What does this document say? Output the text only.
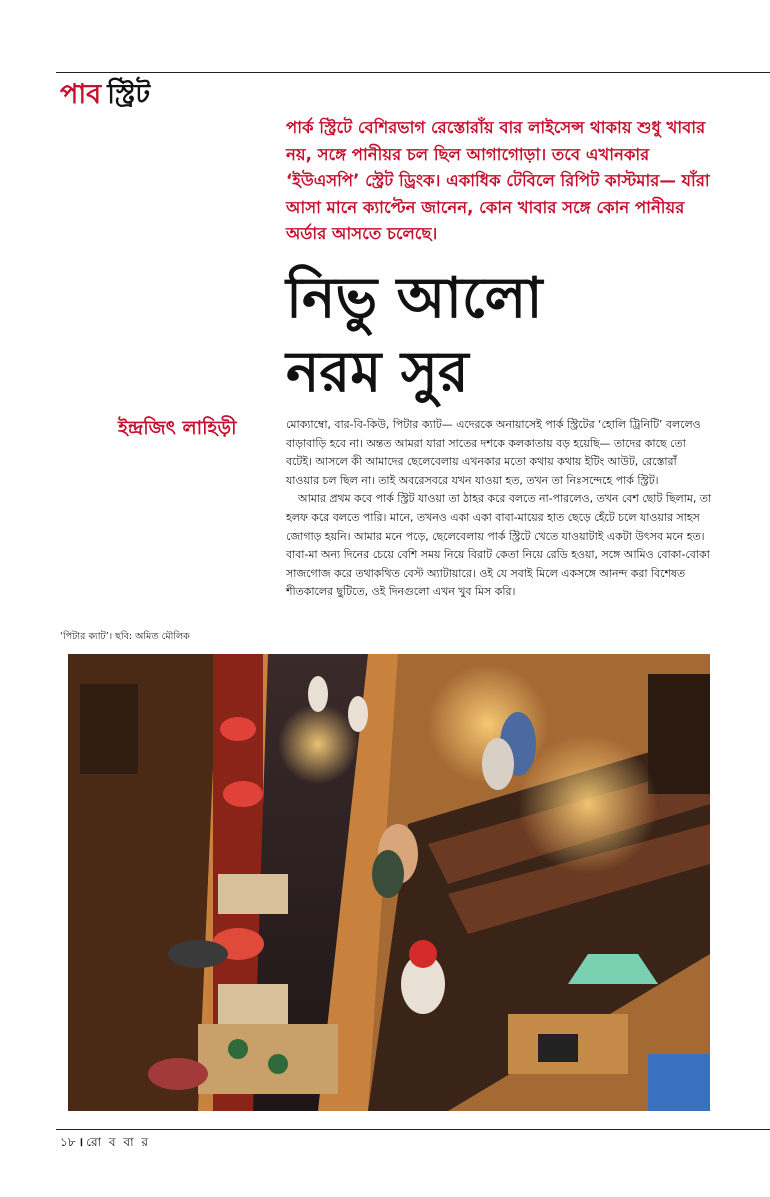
পাব স্ট্রিট
পার্ক স্ট্রিটে বেশিরভাগ রেস্তোরাঁয় বার লাইসেন্স থাকায় শুধু খাবার নয়, সঙ্গে পানীয়র চল ছিল আগাগোড়া। তবে এখানকার ‘ইউএসপি’ স্ট্রেট ড্রিংক। একাধিক টেবিলে রিপিট কাস্টমার— যাঁরা আসা মানে ক্যাপ্টেন জানেন, কোন খাবার সঙ্গে কোন পানীয়র অর্ডার আসতে চলেছে।
নিভু আলো
নরম সুর
ইন্দ্রজিৎ লাহিড়ী	মোক্যাম্বো, বার-বি-কিউ, পিটার ক্যাট— এদেরকে অনায়াসেই পার্ক স্ট্রিটের ‘হোলি ট্রিনিটি’ বললেও বাড়াবাড়ি হবে না। অন্তত আমরা যারা সাতের দশকে কলকাতায় বড় হয়েছি— তাদের কাছে তো বটেই। আসলে কী আমাদের ছেলেবেলায় এখনকার মতো কথায় কথায় ইটিং আউট, রেস্তোরাঁ যাওয়ার চল ছিল না। তাই অবরেসবরে যখন যাওয়া হত, তখন তা নিঃসন্দেহে পার্ক স্ট্রিট।

আমার প্রথম কবে পার্ক স্ট্রিট যাওয়া তা ঠাহর করে বলতে না-পারলেও, তখন বেশ ছোট ছিলাম, তা হলফ করে বলতে পারি। মানে, তখনও একা একা বাবা-মায়ের হাত ছেড়ে হেঁটে চলে যাওয়ার সাহস জোগাড় হয়নি। আমার মনে পড়ে, ছেলেবেলায় পার্ক স্ট্রিটে খেতে যাওয়াটাই একটা উৎসব মনে হত। বাবা-মা অন্য দিনের চেয়ে বেশি সময় নিয়ে বিরাট কেতা নিয়ে রেডি হওয়া, সঙ্গে আমিও বোকা-বোকা সাজগোজ করে তথাকথিত বেস্ট অ্যাটায়ারে। ওই যে সবাই মিলে একসঙ্গে আনন্দ করা বিশেষত শীতকালের ছুটিতে, ওই দিনগুলো এখন খুব মিস করি।

‘পিটার ক্যাট’। ছবি: অমিত মৌলিক
১৮ । রো ব বা র
